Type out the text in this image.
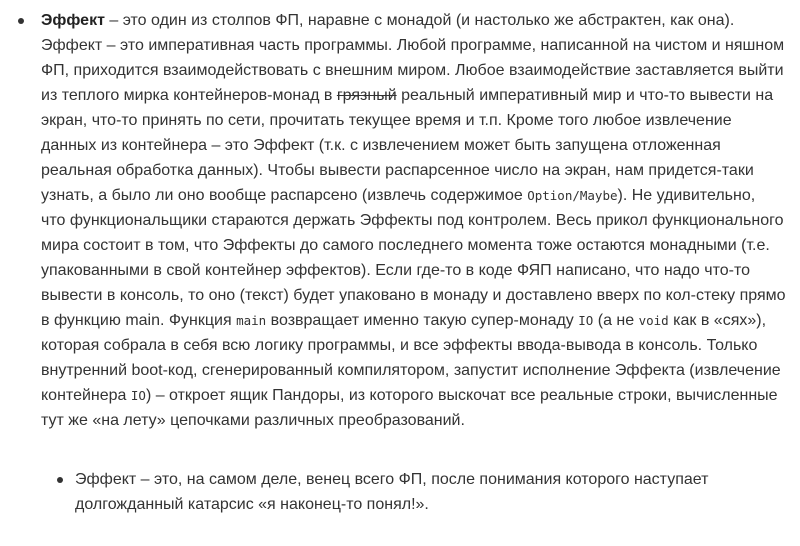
Эффект – это один из столпов ФП, наравне с монадой (и настолько же абстрактен, как она).
Эффект – это императивная часть программы. Любой программе, написанной на чистом и няшном
ФП, приходится взаимодействовать с внешним миром. Любое взаимодействие заставляется выйти
из теплого мирка контейнеров-монад в грязный реальный императивный мир и что-то вывести на
экран, что-то принять по сети, прочитать текущее время и т.п. Кроме того любое извлечение
данных из контейнера – это Эффект (т.к. с извлечением может быть запущена отложенная
реальная обработка данных). Чтобы вывести распарсенное число на экран, нам придется-таки
узнать, а было ли оно вообще распарсено (извлечь содержимое Option/Maybe). Не удивительно,
что функциональщики стараются держать Эффекты под контролем. Весь прикол функционального
мира состоит в том, что Эффекты до самого последнего момента тоже остаются монадными (т.е.
упакованными в свой контейнер эффектов). Если где-то в коде ФЯП написано, что надо что-то
вывести в консоль, то оно (текст) будет упаковано в монаду и доставлено вверх по кол-стеку прямо
в функцию main. Функция main возвращает именно такую супер-монаду IO (а не void как в «сях»),
которая собрала в себя всю логику программы, и все эффекты ввода-вывода в консоль. Только
внутренний boot-код, сгенерированный компилятором, запустит исполнение Эффекта (извлечение
контейнера IO) – откроет ящик Пандоры, из которого выскочат все реальные строки, вычисленные
тут же «на лету» цепочками различных преобразований.
Эффект – это, на самом деле, венец всего ФП, после понимания которого наступает
долгожданный катарсис «я наконец-то понял!».
